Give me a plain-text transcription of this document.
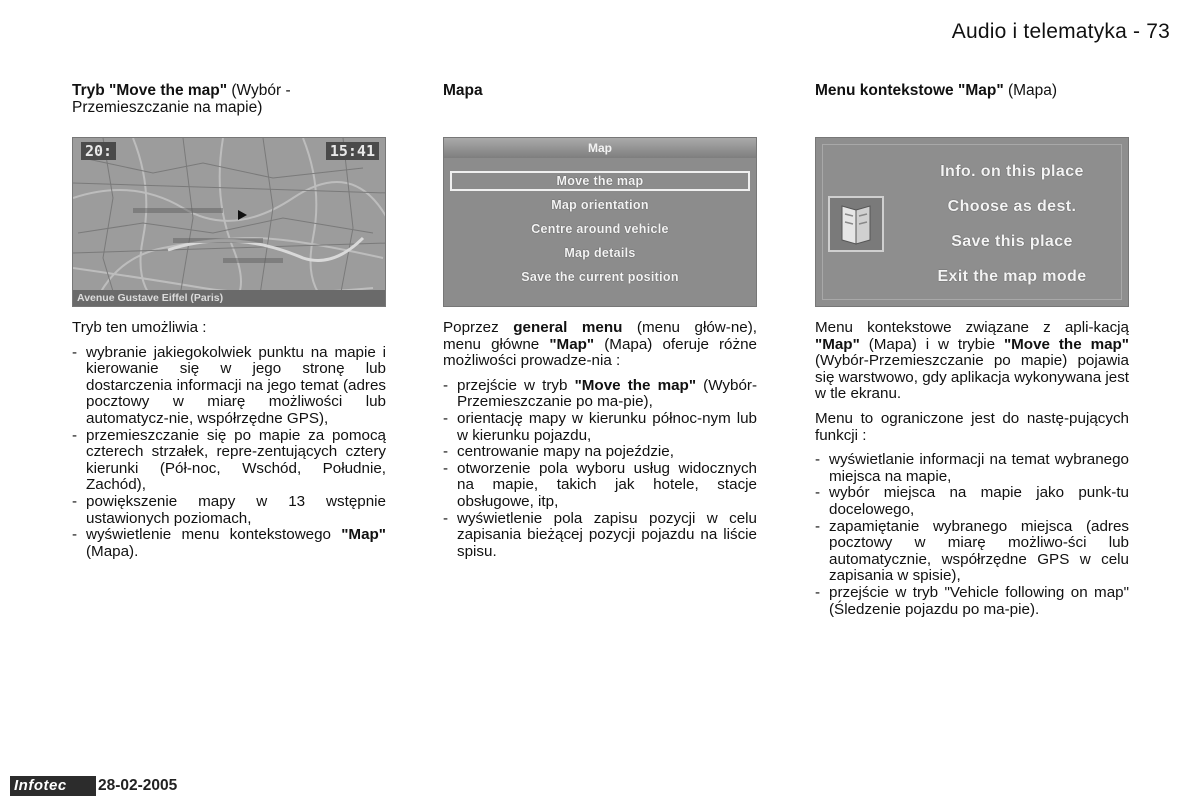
Audio i telematyka - 73
Tryb "Move the map" (Wybór - Przemieszczanie na mapie)
20:	15:41
Avenue Gustave Eiffel (Paris)

Tryb ten umożliwia :

- wybranie jakiegokolwiek punktu na mapie i kierowanie się w jego stronę lub dostarczenia informacji na jego temat (adres pocztowy w miarę możliwości lub automatycz-nie, współrzędne GPS),
- przemieszczanie się po mapie za pomocą czterech strzałek, repre-zentujących cztery kierunki (Pół-noc, Wschód, Południe, Zachód),
- powiększenie mapy w 13 wstępnie ustawionych poziomach,
- wyświetlenie menu kontekstowego "Map" (Mapa).
Mapa
Map
Move the map
Map orientation
Centre around vehicle
Map details
Save the current position

Poprzez general menu (menu głów-ne), menu główne "Map" (Mapa) oferuje różne możliwości prowadze-nia :

- przejście w tryb "Move the map" (Wybór-Przemieszczanie po ma-pie),
- orientację mapy w kierunku północ-nym lub w kierunku pojazdu,
- centrowanie mapy na pojeździe,
- otworzenie pola wyboru usług widocznych na mapie, takich jak hotele, stacje obsługowe, itp,
- wyświetlenie pola zapisu pozycji w celu zapisania bieżącej pozycji pojazdu na liście spisu.
Menu kontekstowe "Map" (Mapa)
Info. on this place
Choose as dest.
Save this place
Exit the map mode

Menu kontekstowe związane z apli-kacją "Map" (Mapa) i w trybie "Move the map" (Wybór-Przemieszczanie po mapie) pojawia się warstwowo, gdy aplikacja wykonywana jest w tle ekranu.

Menu to ograniczone jest do nastę-pujących funkcji :

- wyświetlanie informacji na temat wybranego miejsca na mapie,
- wybór miejsca na mapie jako punk-tu docelowego,
- zapamiętanie wybranego miejsca (adres pocztowy w miarę możliwo-ści lub automatycznie, współrzędne GPS w celu zapisania w spisie),
- przejście w tryb "Vehicle following on map"(Śledzenie pojazdu po ma-pie).
Infotec	28-02-2005
